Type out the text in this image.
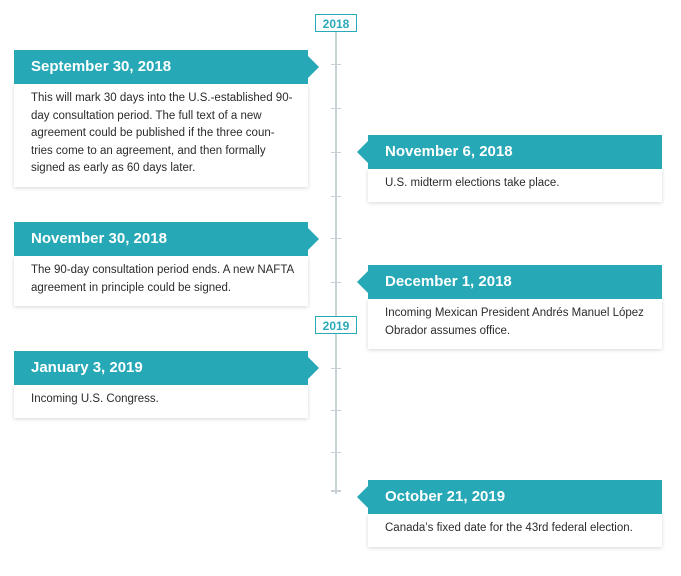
2018
2019
September 30, 2018
This will mark 30 days into the U.S.-established 90-day consultation period. The full text of a new agreement could be published if the three coun-tries come to an agreement, and then formally signed as early as 60 days later.
November 6, 2018
U.S. midterm elections take place.
November 30, 2018
The 90-day consultation period ends. A new NAFTA agreement in principle could be signed.	December 1, 2018
Incoming Mexican President Andrés Manuel López Obrador assumes office.
January 3, 2019
Incoming U.S. Congress.
October 21, 2019
Canada’s fixed date for the 43rd federal election.
